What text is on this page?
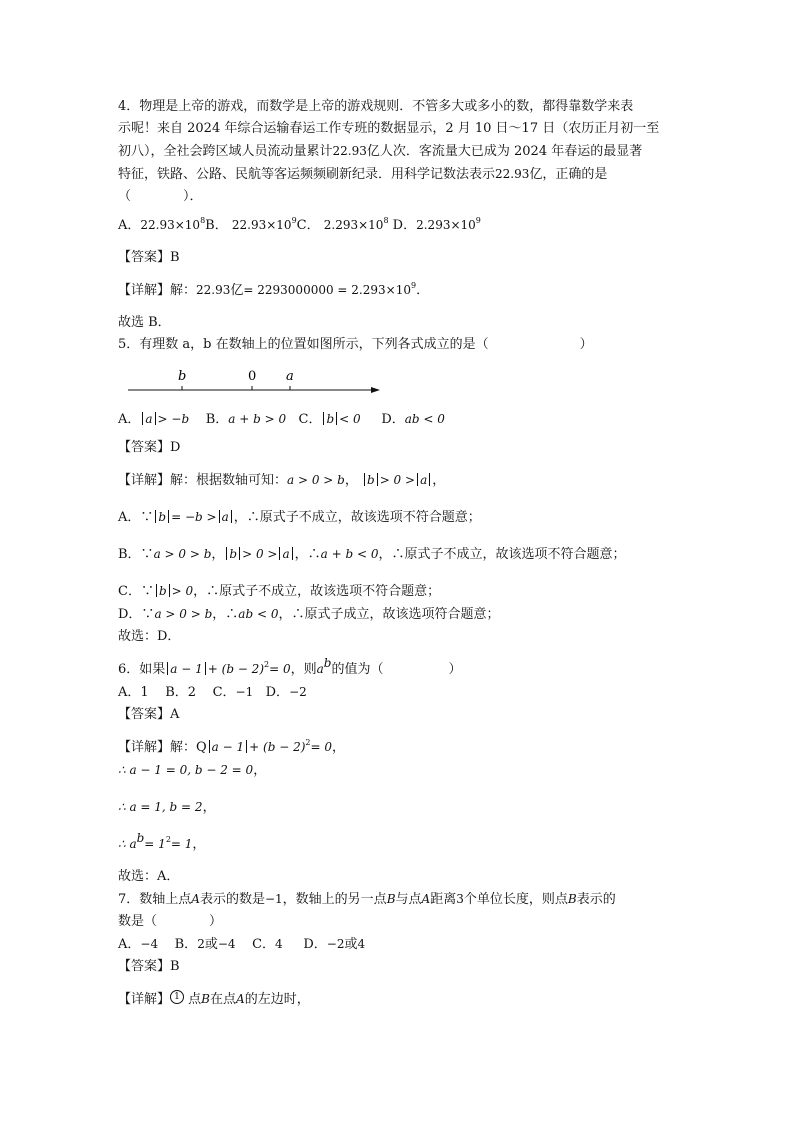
4．物理是上帝的游戏，而数学是上帝的游戏规则．不管多大或多小的数，都得靠数学来表

示呢！来自 2024 年综合运输春运工作专班的数据显示，2 月 10 日～17 日（农历正月初一至

初八），全社会跨区域人员流动量累计22.93亿人次．客流量大已成为 2024 年春运的最显著

特征，铁路、公路、民航等客运频频刷新纪录．用科学记数法表示22.93亿，正确的是

（　　　　）．

A．$22.93\times 10^8B$． $22.93\times 10^9C$． $2.293\times 10^8$ D．$2.293\times 10^9$

【答案】B

【详解】解：22.93亿= $2293000000 = 2.293\times 10^9$．

故选 B．

5．有理数 a，b 在数轴上的位置如图所示，下列各式成立的是（　　　　　　　）

b	0 a

A． a > −b B．a + b > 0 C． b < 0 D．ab < 0

【答案】D

【详解】解：根据数轴可知：a > 0 > b， b > 0 > a ，

A．∵ b = −b > a ，∴原式子不成立，故该选项不符合题意；

B．∵a > 0 > b， b > 0 > a ，∴a + b < 0，∴原式子不成立，故该选项不符合题意；

C．∵ b > 0，∴原式子不成立，故该选项不符合题意；

D．∵a > 0 > b，∴ab < 0，∴原式子成立，故该选项符合题意；

故选：D．

6．如果 $a - 1 + (b - 2)^2= 0$，则$a^b$的值为（　　　　　）

A．1 B．2 C．−1 D．−2

【答案】A

【详解】解：Q $a - 1 + (b - 2)^2= 0$，

∴ a − 1 = 0, b − 2 = 0，

∴ a = 1, b = 2，

∴ $a^b= 1^2= 1$，

故选：A．

7．数轴上点A表示的数是−1，数轴上的另一点B与点A距离3个单位长度，则点B表示的

数是（　　　　）

A．−4 B．2或−4 C．4 D．−2或4

【答案】B

【详解】 1 点B在点A的左边时，
